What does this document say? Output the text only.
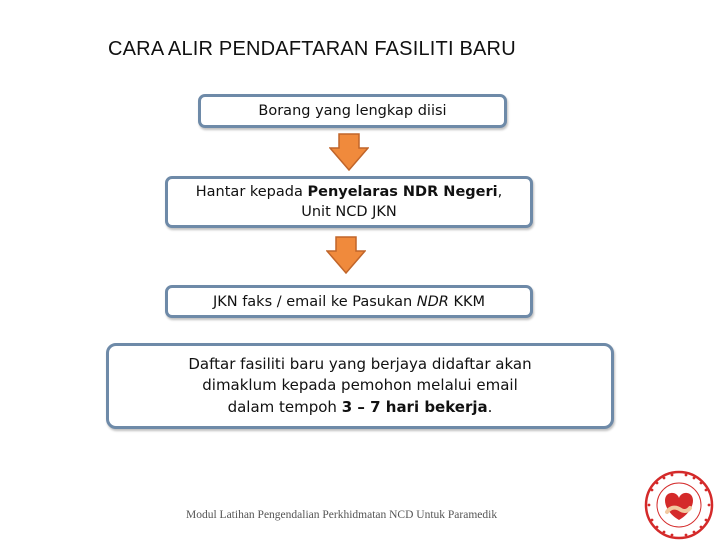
CARA ALIR PENDAFTARAN FASILITI BARU
Borang yang lengkap diisi
Hantar kepada Penyelaras NDR Negeri,
Unit NCD JKN
JKN faks / email ke Pasukan NDR KKM
Daftar fasiliti baru yang berjaya didaftar akan
dimaklum kepada pemohon melalui email
dalam tempoh 3 – 7 hari bekerja.
Modul Latihan Pengendalian Perkhidmatan NCD Untuk Paramedik
